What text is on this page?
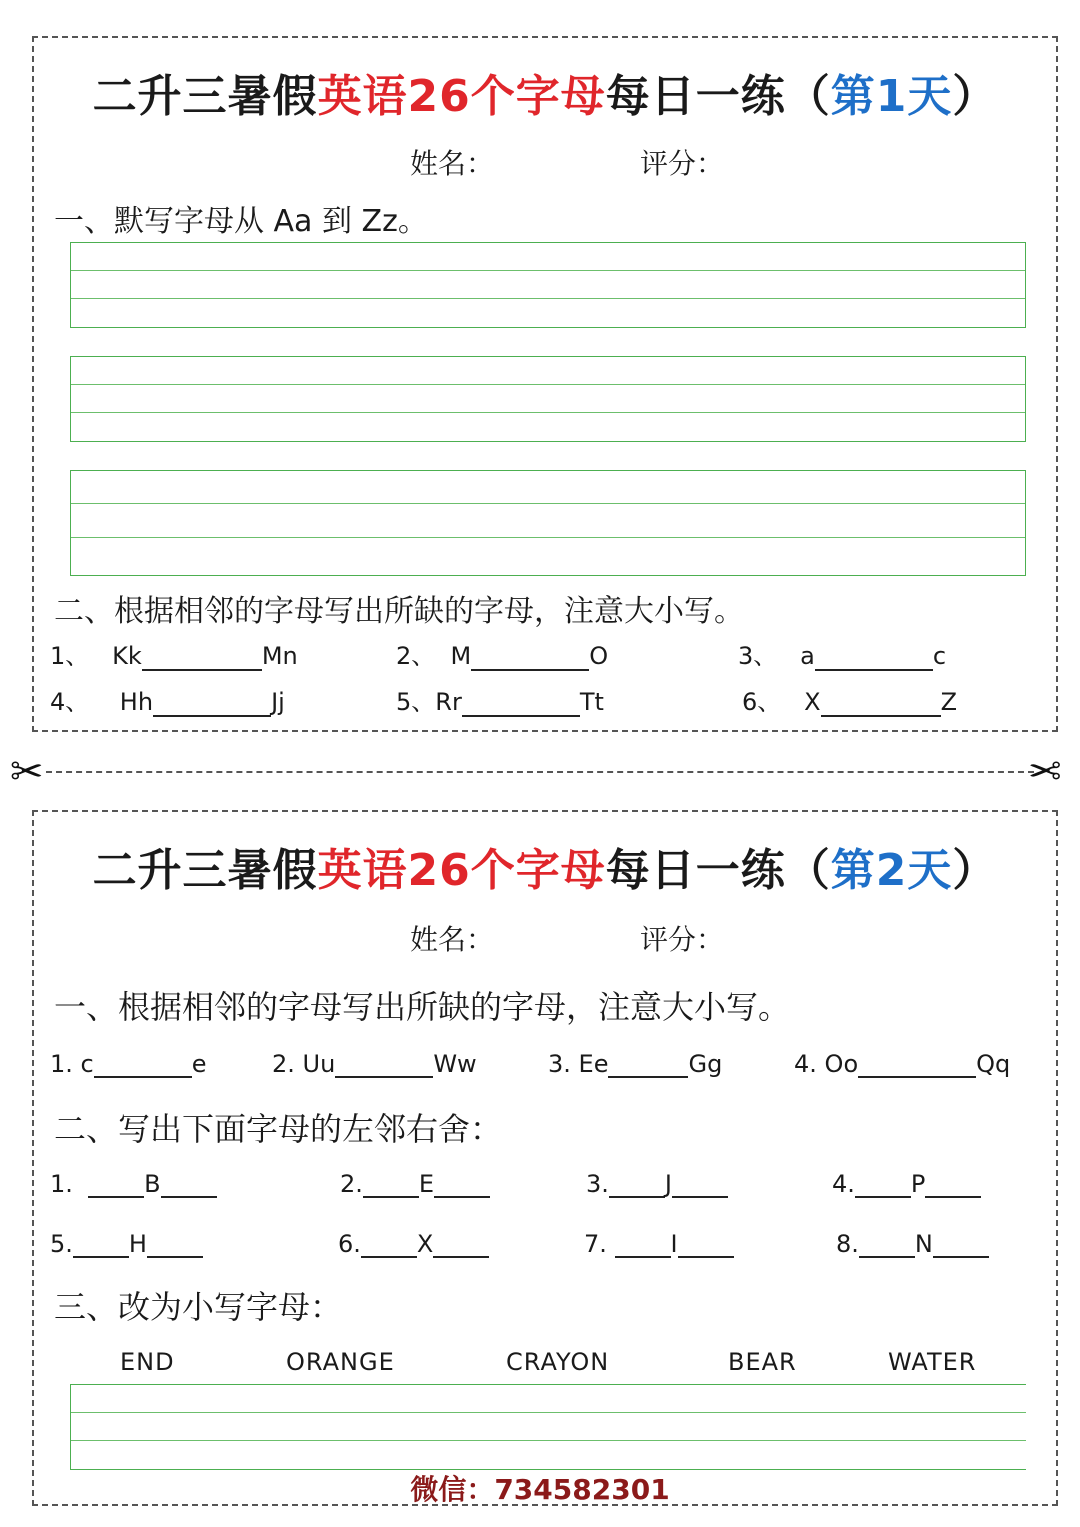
二升三暑假英语26个字母每日一练（第1天）
姓名：	评分：
一、默写字母从 Aa 到 Zz。
二、根据相邻的字母写出所缺的字母，注意大小写。
1、 Kk	Mn	2、 M	O	3、 a	c
4、 Hh	Jj	5、Rr	Tt	6、 X	Z
✂	✂
二升三暑假英语26个字母每日一练（第2天）
姓名：	评分：
一、根据相邻的字母写出所缺的字母，注意大小写。
1. c	e	2. Uu	Ww	3. Ee	Gg	4. Oo	Qq
二、写出下面字母的左邻右舍：
1.	B	2. E	3. J	4. P
5. H	6. X	7.	I	8. N
三、改为小写字母：
END	ORANGE	CRAYON	BEAR	WATER
微信：734582301
